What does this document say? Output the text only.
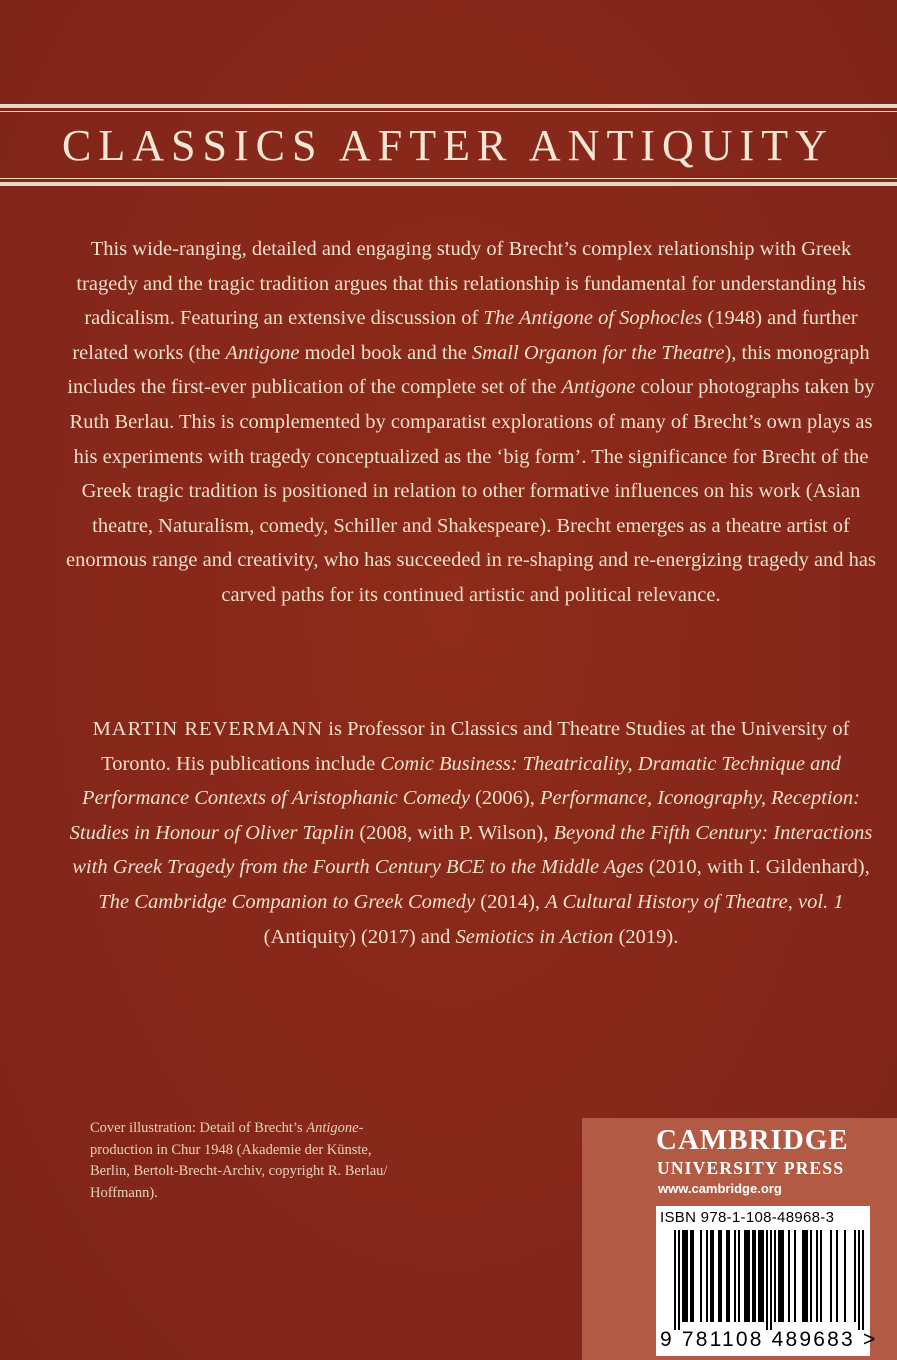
CLASSICS AFTER ANTIQUITY

This wide-ranging, detailed and engaging study of Brecht’s complex relationship with Greek tragedy and the tragic tradition argues that this relationship is fundamental for understanding his radicalism. Featuring an extensive discussion of The Antigone of Sophocles (1948) and further related works (the Antigone model book and the Small Organon for the Theatre), this monograph includes the first-ever publication of the complete set of the Antigone colour photographs taken by Ruth Berlau. This is complemented by comparatist explorations of many of Brecht’s own plays as his experiments with tragedy conceptualized as the ‘big form’. The significance for Brecht of the Greek tragic tradition is positioned in relation to other formative influences on his work (Asian theatre, Naturalism, comedy, Schiller and Shakespeare). Brecht emerges as a theatre artist of enormous range and creativity, who has succeeded in re-shaping and re-energizing tragedy and has carved paths for its continued artistic and political relevance.

MARTIN REVERMANN is Professor in Classics and Theatre Studies at the University of Toronto. His publications include Comic Business: Theatricality, Dramatic Technique and Performance Contexts of Aristophanic Comedy (2006), Performance, Iconography, Reception: Studies in Honour of Oliver Taplin (2008, with P. Wilson), Beyond the Fifth Century: Interactions with Greek Tragedy from the Fourth Century BCE to the Middle Ages (2010, with I. Gildenhard), The Cambridge Companion to Greek Comedy (2014), A Cultural History of Theatre, vol. 1 (Antiquity) (2017) and Semiotics in Action (2019).

Cover illustration: Detail of Brecht’s Antigone-production in Chur 1948 (Akademie der Künste, Berlin, Bertolt-Brecht-Archiv, copyright R. Berlau/ Hoffmann).
CAMBRIDGE
UNIVERSITY PRESS
www.cambridge.org
ISBN 978-1-108-48968-3
9 781108 489683 >
